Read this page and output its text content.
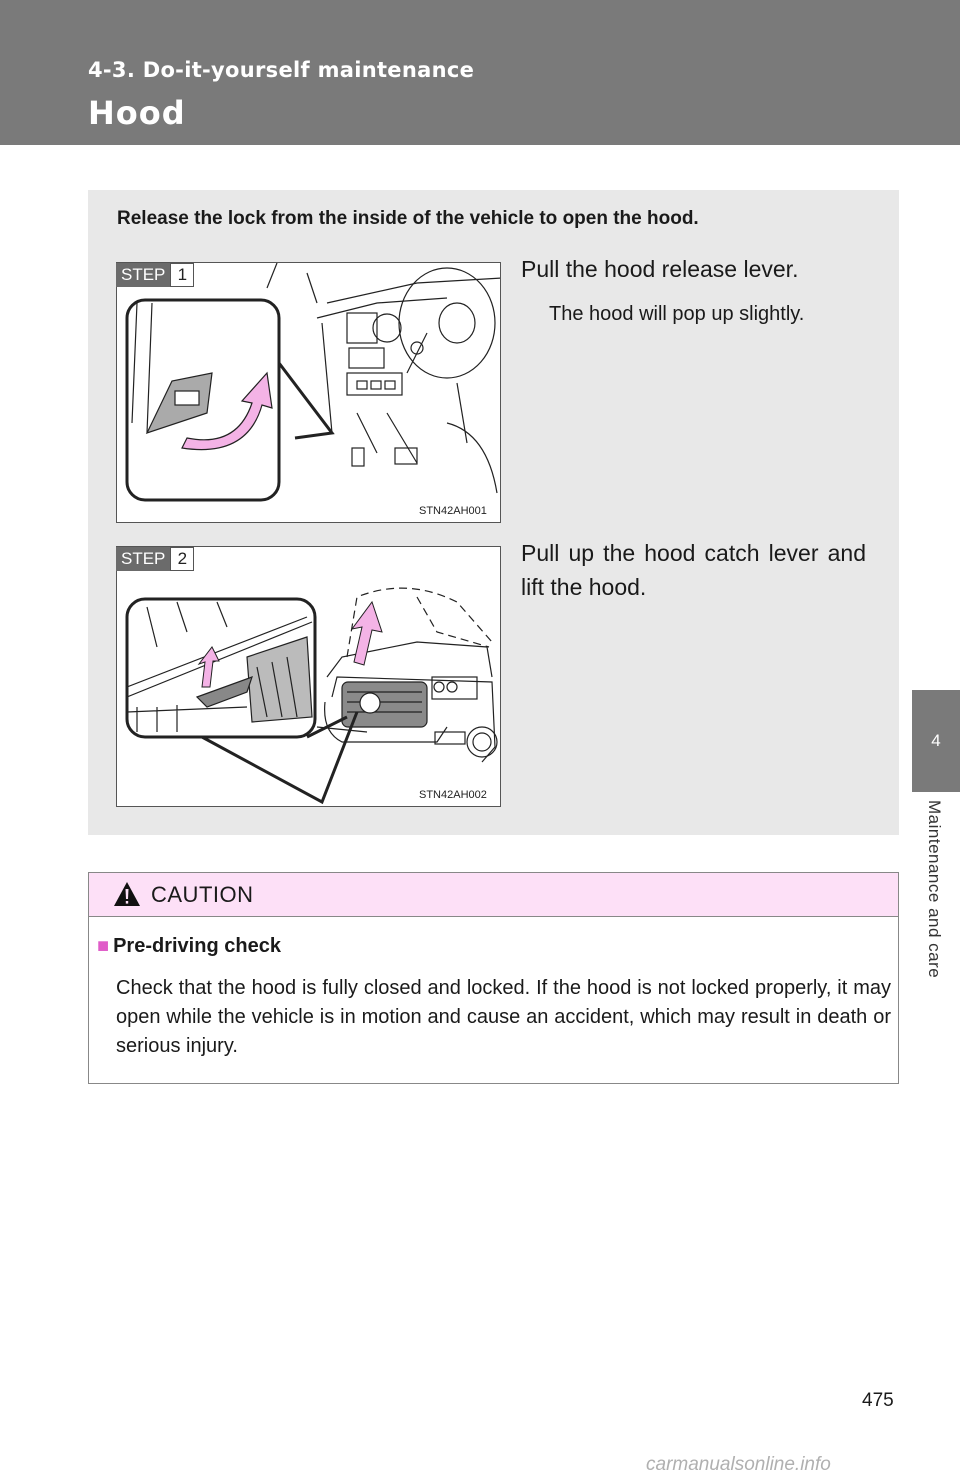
4-3. Do-it-yourself maintenance
Hood
4
Maintenance and care
Release the lock from the inside of the vehicle to open the hood.
STEP 1
STN42AH001
Pull the hood release lever.
The hood will pop up slightly.
STEP 2
STN42AH002
Pull up the hood catch lever and lift the hood.
CAUTION
■ Pre-driving check
Check that the hood is fully closed and locked. If the hood is not locked properly, it may open while the vehicle is in motion and cause an accident, which may result in death or serious injury.
475
carmanualsonline.info
